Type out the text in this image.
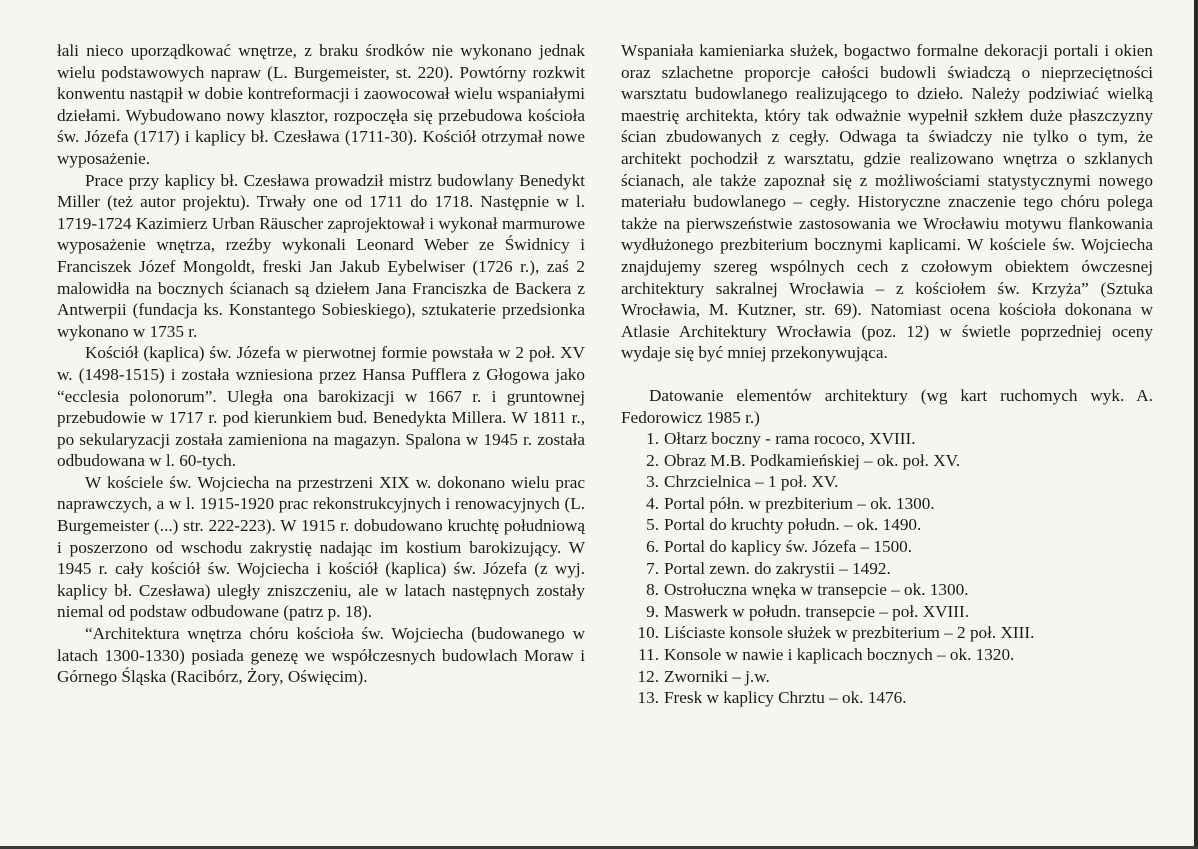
łali nieco uporządkować wnętrze, z braku środków nie wykonano jednak wielu podstawowych napraw (L. Burgemeister, st. 220). Powtórny rozkwit konwentu nastąpił w dobie kontreformacji i zaowocował wielu wspaniałymi dziełami. Wybudowano nowy klasztor, rozpoczęła się przebudowa kościoła św. Józefa (1717) i kaplicy bł. Czesława (1711-30). Kościół otrzymał nowe wyposażenie.

Prace przy kaplicy bł. Czesława prowadził mistrz budowlany Benedykt Miller (też autor projektu). Trwały one od 1711 do 1718. Następnie w l. 1719-1724 Kazimierz Urban Räuscher zaprojektował i wykonał marmurowe wyposażenie wnętrza, rzeźby wykonali Leonard Weber ze Świdnicy i Franciszek Józef Mongoldt, freski Jan Jakub Eybelwiser (1726 r.), zaś 2 malowidła na bocznych ścianach są dziełem Jana Franciszka de Backera z Antwerpii (fundacja ks. Konstantego Sobieskiego), sztukaterie przedsionka wykonano w 1735 r.

Kościół (kaplica) św. Józefa w pierwotnej formie powstała w 2 poł. XV w. (1498-1515) i została wzniesiona przez Hansa Pufflera z Głogowa jako “ecclesia polonorum”. Uległa ona barokizacji w 1667 r. i gruntownej przebudowie w 1717 r. pod kierunkiem bud. Benedykta Millera. W 1811 r., po sekularyzacji została zamieniona na magazyn. Spalona w 1945 r. została odbudowana w l. 60-tych.

W kościele św. Wojciecha na przestrzeni XIX w. dokonano wielu prac naprawczych, a w l. 1915-1920 prac rekonstrukcyjnych i renowacyjnych (L. Burgemeister (...) str. 222-223). W 1915 r. dobudowano kruchtę południową i poszerzono od wschodu zakrystię nadając im kostium barokizujący. W 1945 r. cały kościół św. Wojciecha i kościół (kaplica) św. Józefa (z wyj. kaplicy bł. Czesława) uległy zniszczeniu, ale w latach następnych zostały niemal od podstaw odbudowane (patrz p. 18).

“Architektura wnętrza chóru kościoła św. Wojciecha (budowanego w latach 1300-1330) posiada genezę we współczesnych budowlach Moraw i Górnego Śląska (Racibórz, Żory, Oświęcim).

Wspaniała kamieniarka służek, bogactwo formalne dekoracji portali i okien oraz szlachetne proporcje całości budowli świadczą o nieprzeciętności warsztatu budowlanego realizującego to dzieło. Należy podziwiać wielką maestrię architekta, który tak odważnie wypełnił szkłem duże płaszczyzny ścian zbudowanych z cegły. Odwaga ta świadczy nie tylko o tym, że architekt pochodził z warsztatu, gdzie realizowano wnętrza o szklanych ścianach, ale także zapoznał się z możliwościami statystycznymi nowego materiału budowlanego – cegły. Historyczne znaczenie tego chóru polega także na pierwszeństwie zastosowania we Wrocławiu motywu flankowania wydłużonego prezbiterium bocznymi kaplicami. W kościele św. Wojciecha znajdujemy szereg wspólnych cech z czołowym obiektem ówczesnej architektury sakralnej Wrocławia – z kościołem św. Krzyża” (Sztuka Wrocławia, M. Kutzner, str. 69). Natomiast ocena kościoła dokonana w Atlasie Architektury Wrocławia (poz. 12) w świetle poprzedniej oceny wydaje się być mniej przekonywująca.

Datowanie elementów architektury (wg kart ruchomych wyk. A. Fedorowicz 1985 r.)

1. Ołtarz boczny - rama rococo, XVIII.
2. Obraz M.B. Podkamieńskiej – ok. poł. XV.
3. Chrzcielnica – 1 poł. XV.
4. Portal półn. w prezbiterium – ok. 1300.
5. Portal do kruchty połudn. – ok. 1490.
6. Portal do kaplicy św. Józefa – 1500.
7. Portal zewn. do zakrystii – 1492.
8. Ostrołuczna wnęka w transepcie – ok. 1300.
9. Maswerk w połudn. transepcie – poł. XVIII.
10. Liściaste konsole służek w prezbiterium – 2 poł. XIII.
11. Konsole w nawie i kaplicach bocznych – ok. 1320.
12. Zworniki – j.w.
13. Fresk w kaplicy Chrztu – ok. 1476.
